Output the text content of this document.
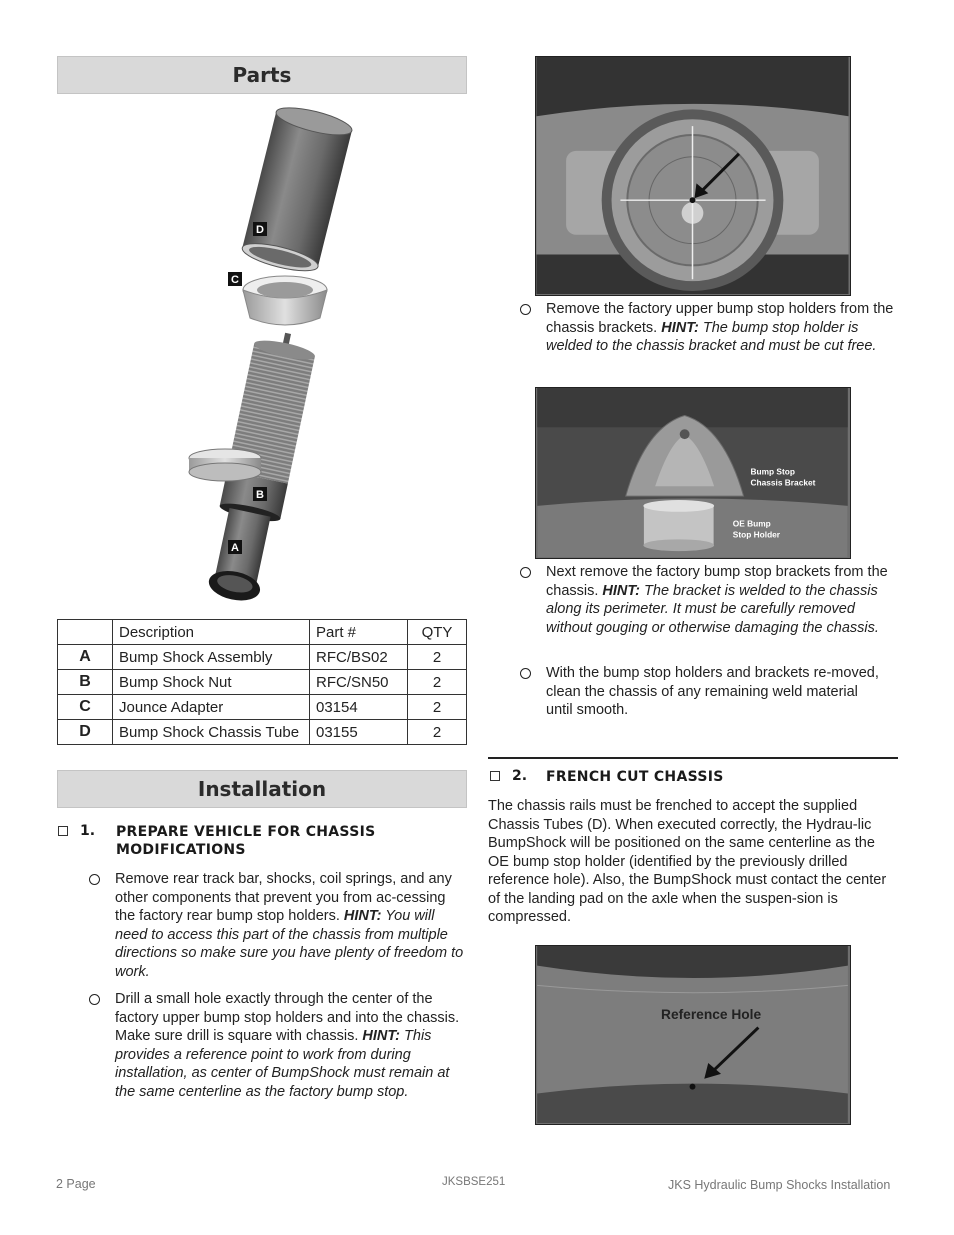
Parts
D
C
B
A
	Description	Part #	QTY
A	Bump Shock Assembly	RFC/BS02	2
B	Bump Shock Nut	RFC/SN50	2
C	Jounce Adapter	03154	2
D	Bump Shock Chassis Tube	03155	2
Installation
1. PREPARE VEHICLE FOR CHASSIS MODIFICATIONS
Remove rear track bar, shocks, coil springs, and any other components that prevent you from ac-cessing the factory rear bump stop holders. HINT: You will need to access this part of the chassis from multiple directions so make sure you have plenty of freedom to work.
Drill a small hole exactly through the center of the factory upper bump stop holders and into the chassis. Make sure drill is square with chassis. HINT: This provides a reference point to work from during installation, as center of BumpShock must remain at the same centerline as the factory bump stop.
Remove the factory upper bump stop holders from the chassis brackets. HINT: The bump stop holder is welded to the chassis bracket and must be cut free.
Bump Stop
Chassis Bracket
OE Bump
Stop Holder
Next remove the factory bump stop brackets from the chassis. HINT: The bracket is welded to the chassis along its perimeter. It must be carefully removed without gouging or otherwise damaging the chassis.
With the bump stop holders and brackets re-moved, clean the chassis of any remaining weld material until smooth.
2. FRENCH CUT CHASSIS
The chassis rails must be frenched to accept the supplied Chassis Tubes (D). When executed correctly, the Hydrau-lic BumpShock will be positioned on the same centerline as the OE bump stop holder (identified by the previously drilled reference hole). Also, the BumpShock must contact the center of the landing pad on the axle when the suspen-sion is compressed.
Reference Hole
2 Page	JKSBSE251	JKS Hydraulic Bump Shocks Installation
